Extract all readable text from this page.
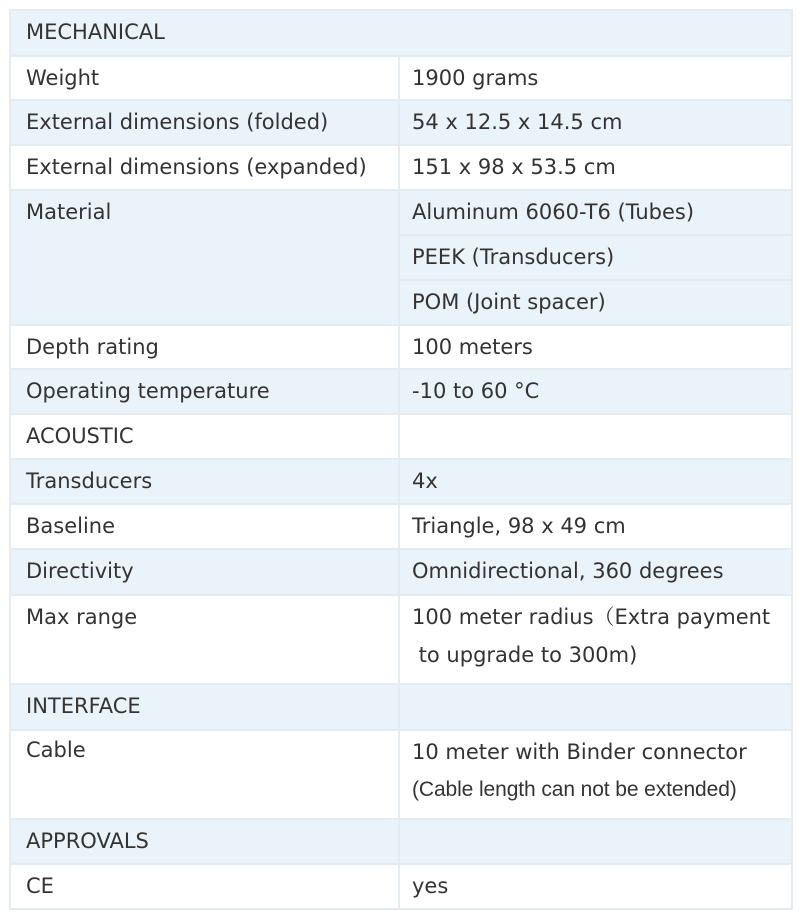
MECHANICAL	
Weight	1900 grams
External dimensions (folded)	54 x 12.5 x 14.5 cm
External dimensions (expanded)	151 x 98 x 53.5 cm
Material	Aluminum 6060-T6 (Tubes)
	PEEK (Transducers)
	POM (Joint spacer)
Depth rating	100 meters
Operating temperature	-10 to 60 °C
ACOUSTIC	
Transducers	4x
Baseline	Triangle, 98 x 49 cm
Directivity	Omnidirectional, 360 degrees
Max range	100 meter radius（Extra payment
to upgrade to 300m)

INTERFACE	
Cable	10 meter with Binder connector
(Cable length can not be extended)

APPROVALS	
CE	yes
